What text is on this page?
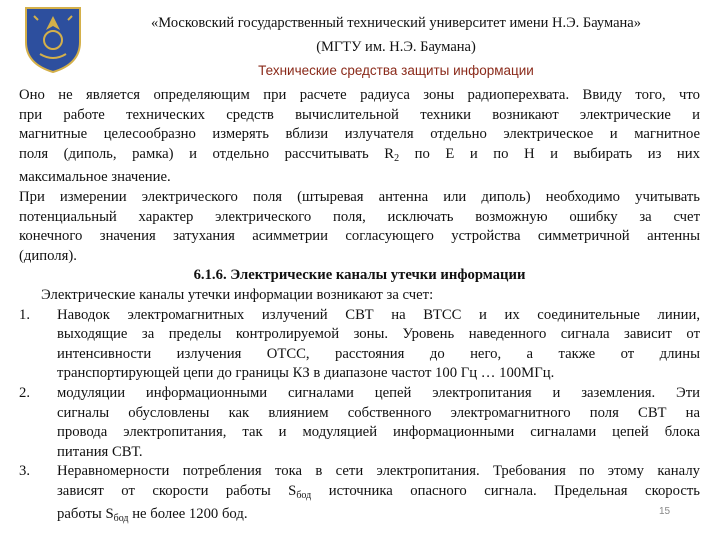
«Московский государственный технический университет имени Н.Э. Баумана»
(МГТУ им. Н.Э. Баумана)
Технические средства защиты информации
Оно не является определяющим при расчете радиуса зоны радиоперехвата. Ввиду того, что
при работе технических средств вычислительной техники возникают электрические и
магнитные целесообразно измерять вблизи излучателя отдельно электрическое и магнитное
поля (диполь, рамка) и отдельно рассчитывать $R_2$ по E и по H и выбирать из них
максимальное значение.
При измерении электрического поля (штыревая антенна или диполь) необходимо учитывать
потенциальный характер электрического поля, исключать возможную ошибку за счет
конечного значения затухания асимметрии согласующего устройства симметричной антенны
(диполя).
6.1.6. Электрические каналы утечки информации
Электрические каналы утечки информации возникают за счет:
1. Наводок электромагнитных излучений СВТ на ВТСС и их соединительные линии,
выходящие за пределы контролируемой зоны. Уровень наведенного сигнала зависит от
интенсивности излучения ОТСС, расстояния до него, а также от длины
транспортирующей цепи до границы КЗ в диапазоне частот 100 Гц … 100МГц.
2. модуляции информационными сигналами цепей электропитания и заземления. Эти
сигналы обусловлены как влиянием собственного электромагнитного поля СВТ на
провода электропитания, так и модуляцией информационными сигналами цепей блока
питания СВТ.
3. Неравномерности потребления тока в сети электропитания. Требования по этому каналу
зависят от скорости работы $S_{бод}$ источника опасного сигнала. Предельная скорость
работы $S_{бод}$ не более 1200 бод.	15
